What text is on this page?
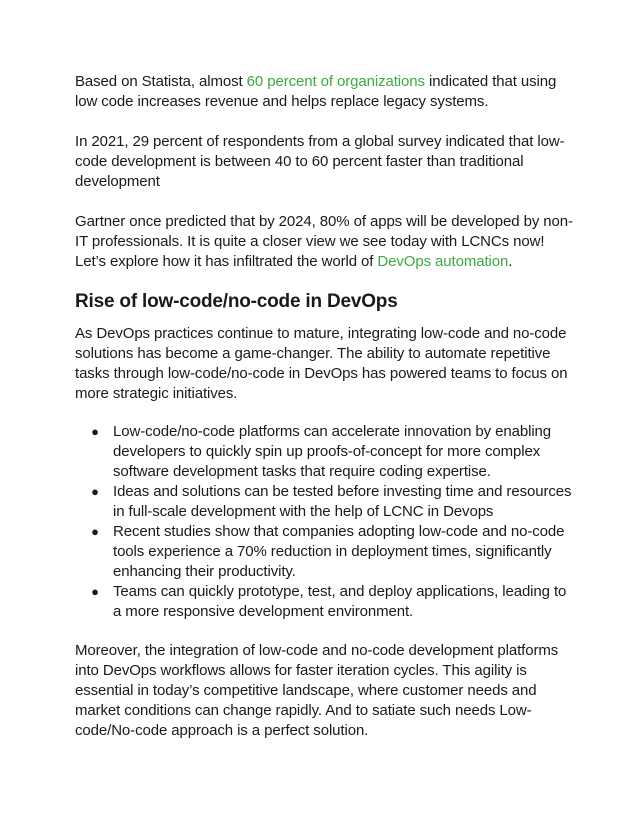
Based on Statista, almost 60 percent of organizations indicated that using low code increases revenue and helps replace legacy systems.

In 2021, 29 percent of respondents from a global survey indicated that low-code development is between 40 to 60 percent faster than traditional development

Gartner once predicted that by 2024, 80% of apps will be developed by non-IT professionals. It is quite a closer view we see today with LCNCs now! Let’s explore how it has infiltrated the world of DevOps automation.

Rise of low-code/no-code in DevOps

As DevOps practices continue to mature, integrating low-code and no-code solutions has become a game-changer. The ability to automate repetitive tasks through low-code/no-code in DevOps has powered teams to focus on more strategic initiatives.

● Low-code/no-code platforms can accelerate innovation by enabling developers to quickly spin up proofs-of-concept for more complex software development tasks that require coding expertise.
● Ideas and solutions can be tested before investing time and resources in full-scale development with the help of LCNC in Devops
● Recent studies show that companies adopting low-code and no-code tools experience a 70% reduction in deployment times, significantly enhancing their productivity.
● Teams can quickly prototype, test, and deploy applications, leading to a more responsive development environment.

Moreover, the integration of low-code and no-code development platforms into DevOps workflows allows for faster iteration cycles. This agility is essential in today’s competitive landscape, where customer needs and market conditions can change rapidly. And to satiate such needs Low-code/No-code approach is a perfect solution.
